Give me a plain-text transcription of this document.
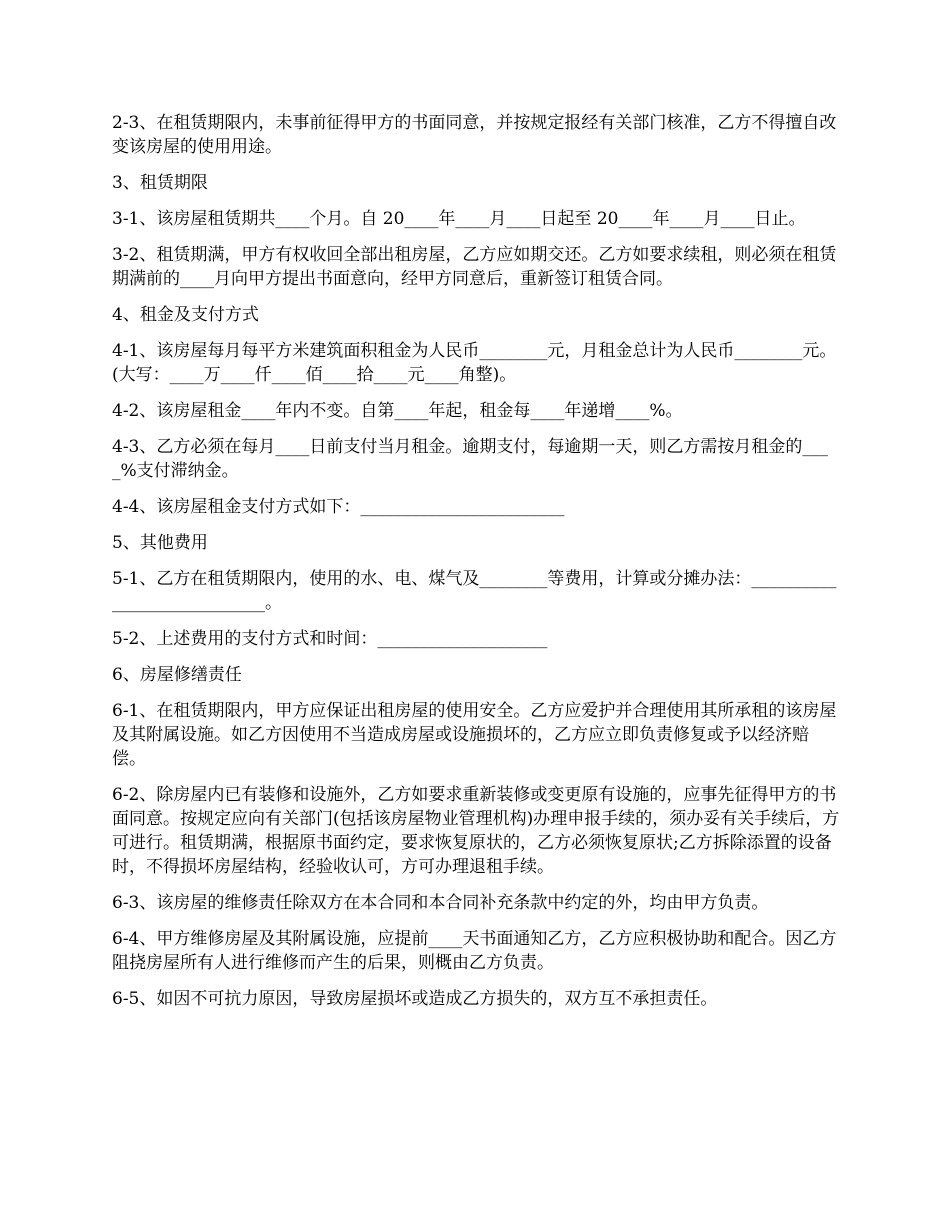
2-3、在租赁期限内，未事前征得甲方的书面同意，并按规定报经有关部门核准，乙方不得擅自改变该房屋的使用用途。

3、租赁期限

3-1、该房屋租赁期共____个月。自 20____年____月____日起至 20____年____月____日止。

3-2、租赁期满，甲方有权收回全部出租房屋，乙方应如期交还。乙方如要求续租，则必须在租赁期满前的____月向甲方提出书面意向，经甲方同意后，重新签订租赁合同。

4、租金及支付方式

4-1、该房屋每月每平方米建筑面积租金为人民币________元，月租金总计为人民币________元。(大写：____万____仟____佰____拾____元____角整)。

4-2、该房屋租金____年内不变。自第____年起，租金每____年递增____%。

4-3、乙方必须在每月____日前支付当月租金。逾期支付，每逾期一天，则乙方需按月租金的____%支付滞纳金。

4-4、该房屋租金支付方式如下：________________________

5、其他费用

5-1、乙方在租赁期限内，使用的水、电、煤气及________等费用，计算或分摊办法：____________________________。

5-2、上述费用的支付方式和时间：____________________

6、房屋修缮责任

6-1、在租赁期限内，甲方应保证出租房屋的使用安全。乙方应爱护并合理使用其所承租的该房屋及其附属设施。如乙方因使用不当造成房屋或设施损坏的，乙方应立即负责修复或予以经济赔偿。

6-2、除房屋内已有装修和设施外，乙方如要求重新装修或变更原有设施的，应事先征得甲方的书面同意。按规定应向有关部门(包括该房屋物业管理机构)办理申报手续的，须办妥有关手续后，方可进行。租赁期满，根据原书面约定，要求恢复原状的，乙方必须恢复原状;乙方拆除添置的设备时，不得损坏房屋结构，经验收认可，方可办理退租手续。

6-3、该房屋的维修责任除双方在本合同和本合同补充条款中约定的外，均由甲方负责。

6-4、甲方维修房屋及其附属设施，应提前____天书面通知乙方，乙方应积极协助和配合。因乙方阻挠房屋所有人进行维修而产生的后果，则概由乙方负责。

6-5、如因不可抗力原因，导致房屋损坏或造成乙方损失的，双方互不承担责任。
